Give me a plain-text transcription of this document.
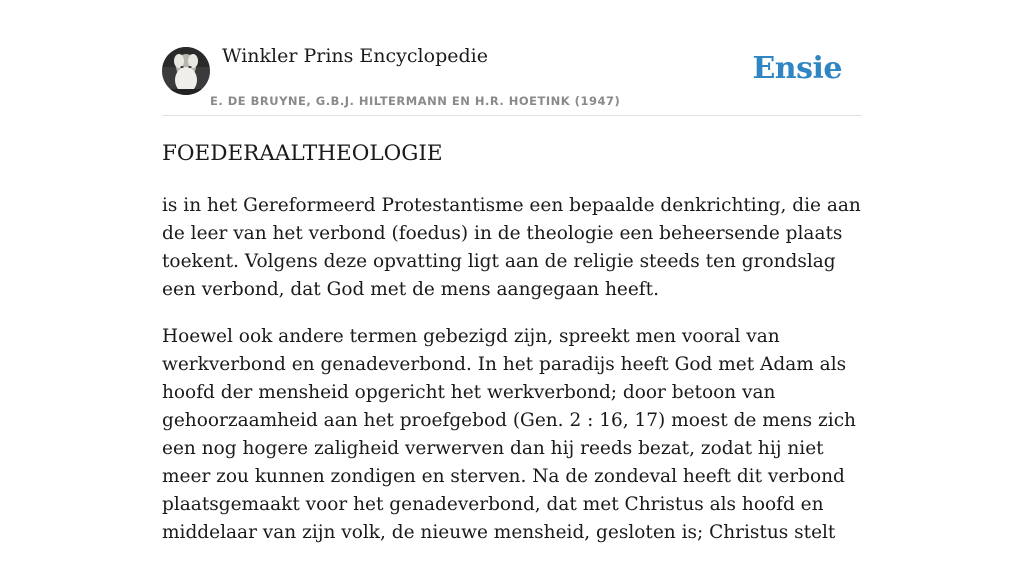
Winkler Prins Encyclopedie
E. DE BRUYNE, G.B.J. HILTERMANN EN H.R. HOETINK (1947)
Ensie
FOEDERAALTHEOLOGIE

is in het Gereformeerd Protestantisme een bepaalde denkrichting, die aan de leer van het verbond (foedus) in de theologie een beheersende plaats toekent. Volgens deze opvatting ligt aan de religie steeds ten grondslag een verbond, dat God met de mens aangegaan heeft.

Hoewel ook andere termen gebezigd zijn, spreekt men vooral van werkverbond en genadeverbond. In het paradijs heeft God met Adam als hoofd der mensheid opgericht het werkverbond; door betoon van gehoorzaamheid aan het proefgebod (Gen. 2 : 16, 17) moest de mens zich een nog hogere zaligheid verwerven dan hij reeds bezat, zodat hij niet meer zou kunnen zondigen en sterven. Na de zondeval heeft dit verbond plaatsgemaakt voor het genadeverbond, dat met Christus als hoofd en middelaar van zijn volk, de nieuwe mensheid, gesloten is; Christus stelt
